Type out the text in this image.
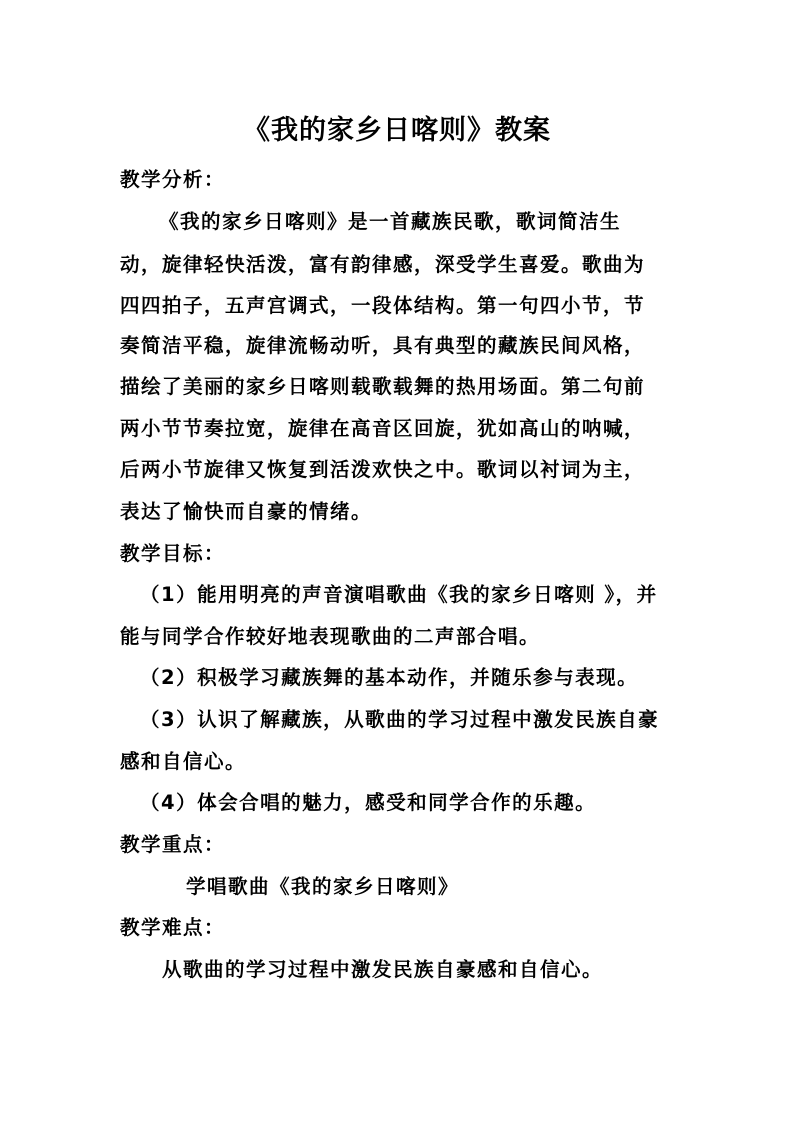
《我的家乡日喀则》教案
教学分析：
《我的家乡日喀则》是一首藏族民歌，歌词简洁生
动，旋律轻快活泼，富有韵律感，深受学生喜爱。歌曲为
四四拍子，五声宫调式，一段体结构。第一句四小节，节
奏简洁平稳，旋律流畅动听，具有典型的藏族民间风格，
描绘了美丽的家乡日喀则载歌载舞的热用场面。第二句前
两小节节奏拉宽，旋律在高音区回旋，犹如高山的呐喊，
后两小节旋律又恢复到活泼欢快之中。歌词以衬词为主，
表达了愉快而自豪的情绪。
教学目标：
（1）能用明亮的声音演唱歌曲《我的家乡日喀则 》，并
能与同学合作较好地表现歌曲的二声部合唱。
（2）积极学习藏族舞的基本动作，并随乐参与表现。
（3）认识了解藏族，从歌曲的学习过程中激发民族自豪
感和自信心。
（4）体会合唱的魅力，感受和同学合作的乐趣。
教学重点：
学唱歌曲《我的家乡日喀则》
教学难点：
从歌曲的学习过程中激发民族自豪感和自信心。
